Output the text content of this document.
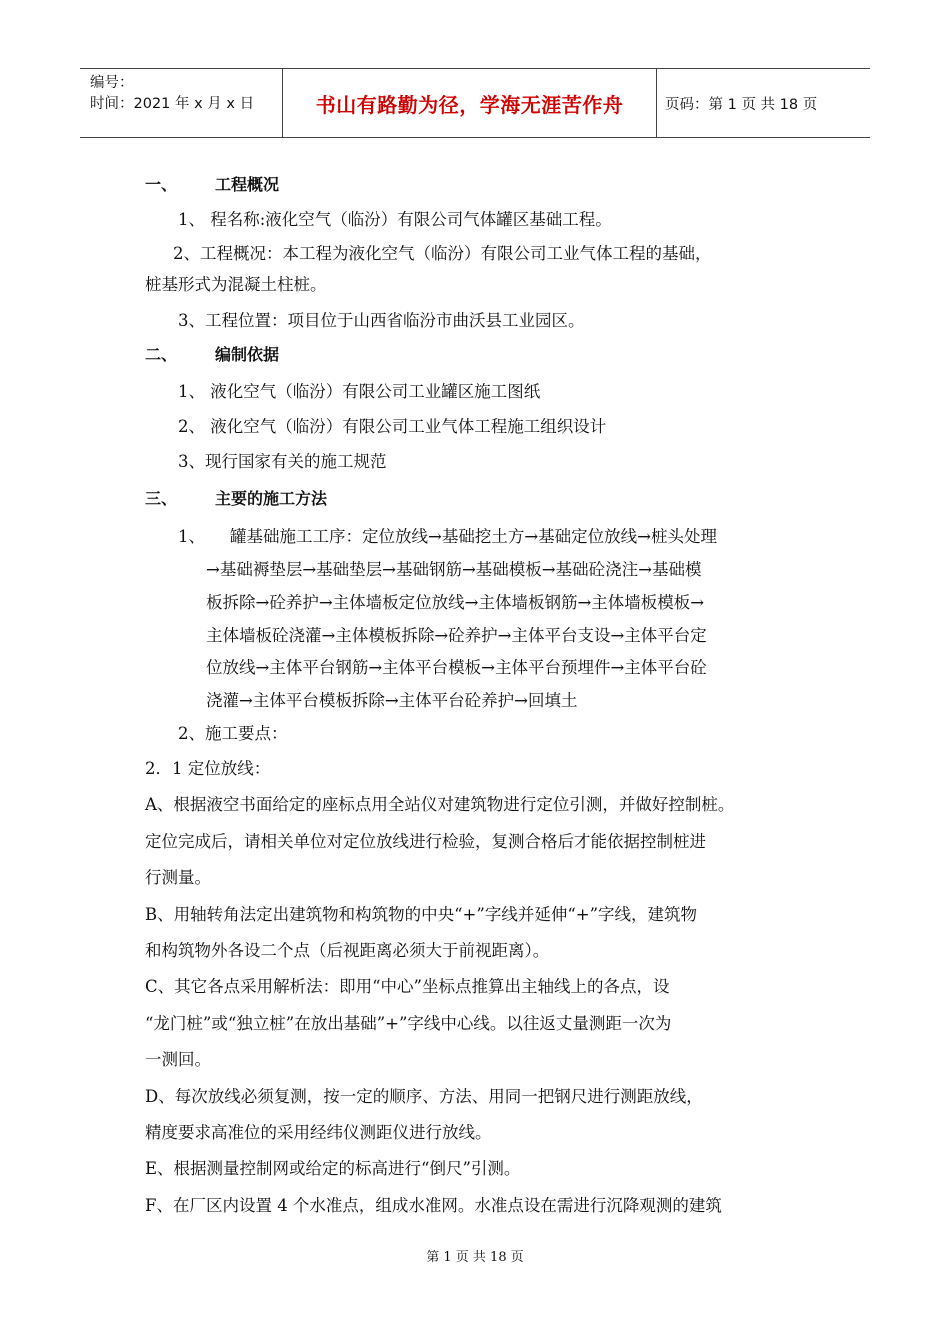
编号：
时间：2021 年 x 月 x 日	书山有路勤为径，学海无涯苦作舟	页码：第 1 页 共 18 页
一、 工程概况
1、 程名称:液化空气（临汾）有限公司气体罐区基础工程。
2、工程概况：本工程为液化空气（临汾）有限公司工业气体工程的基础，
桩基形式为混凝土柱桩。
3、工程位置：项目位于山西省临汾市曲沃县工业园区。
二、 编制依据
1、 液化空气（临汾）有限公司工业罐区施工图纸
2、 液化空气（临汾）有限公司工业气体工程施工组织设计
3、现行国家有关的施工规范
三、 主要的施工方法
1、 罐基础施工工序：定位放线→基础挖土方→基础定位放线→桩头处理
→基础褥垫层→基础垫层→基础钢筋→基础模板→基础砼浇注→基础模
板拆除→砼养护→主体墙板定位放线→主体墙板钢筋→主体墙板模板→
主体墙板砼浇灌→主体模板拆除→砼养护→主体平台支设→主体平台定
位放线→主体平台钢筋→主体平台模板→主体平台预埋件→主体平台砼
浇灌→主体平台模板拆除→主体平台砼养护→回填土
2、施工要点：
2．1 定位放线：
A、根据液空书面给定的座标点用全站仪对建筑物进行定位引测，并做好控制桩。
定位完成后，请相关单位对定位放线进行检验，复测合格后才能依据控制桩进
行测量。
B、用轴转角法定出建筑物和构筑物的中央“+”字线并延伸“+”字线，建筑物
和构筑物外各设二个点（后视距离必须大于前视距离）。
C、其它各点采用解析法：即用“中心”坐标点推算出主轴线上的各点，设
“龙门桩”或“独立桩”在放出基础”+”字线中心线。以往返丈量测距一次为
一测回。
D、每次放线必须复测，按一定的顺序、方法、用同一把钢尺进行测距放线，
精度要求高准位的采用经纬仪测距仪进行放线。
E、根据测量控制网或给定的标高进行“倒尺”引测。
F、在厂区内设置 4 个水准点，组成水准网。水准点设在需进行沉降观测的建筑
第 1 页 共 18 页
